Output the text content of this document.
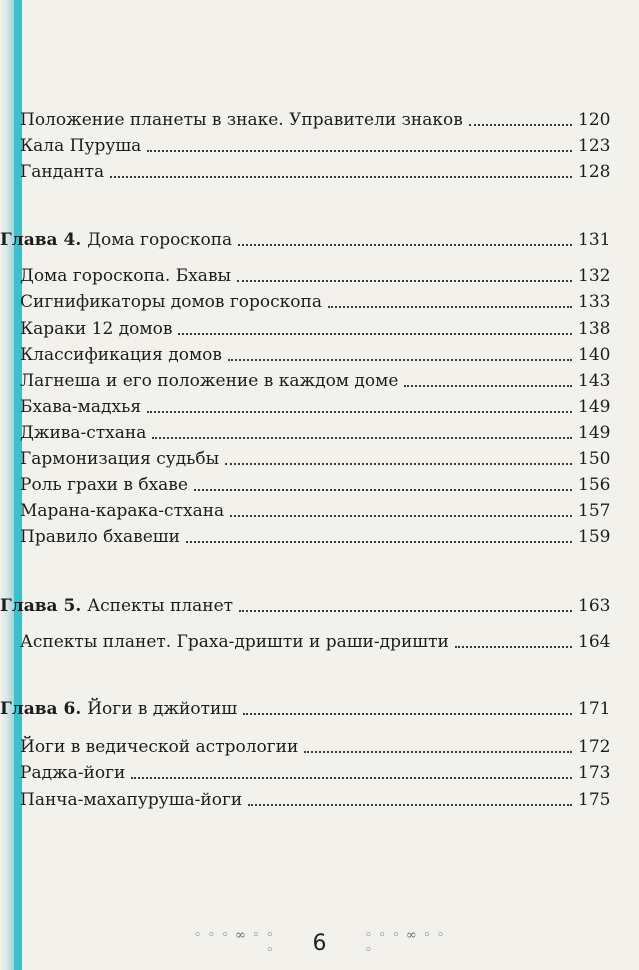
Положение планеты в знаке. Управители знаков	120
Кала Пуруша	123
Ганданта	128
Глава 4. Дома гороскопа	131
Дома гороскопа. Бхавы	132
Сигнификаторы домов гороскопа	133
Караки 12 домов	138
Классификация домов	140
Лагнеша и его положение в каждом доме	143
Бхава-мадхья	149
Джива-стхана	149
Гармонизация судьбы	150
Роль грахи в бхаве	156
Марана-карака-стхана	157
Правило бхавеши	159
Глава 5. Аспекты планет	163
Аспекты планет. Граха-дришти и раши-дришти	164
Глава 6. Йоги в джйотиш	171
Йоги в ведической астрологии	172
Раджа-йоги	173
Панча-махапуруша-йоги	175
◦ ◦ ◦ ∞ ◦ ◦ ◦ 6	◦ ◦ ◦ ∞ ◦ ◦ ◦
